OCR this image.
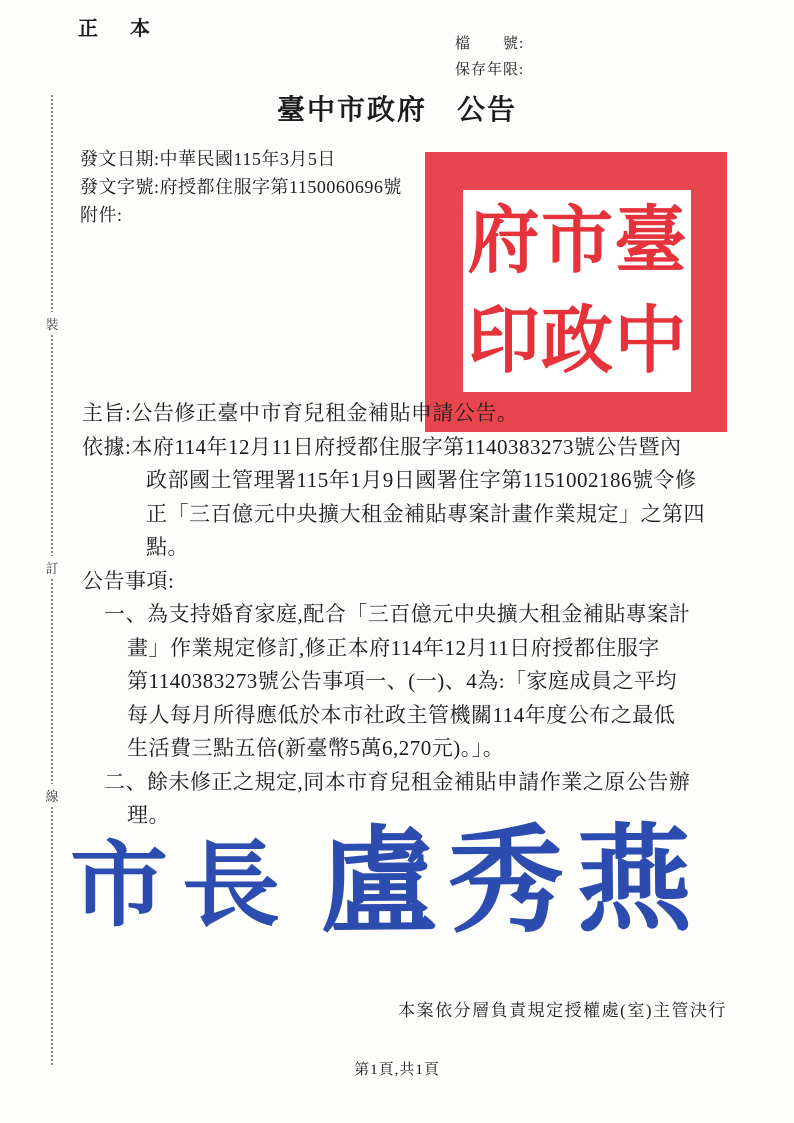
正　本
檔　　號:
保存年限:
臺中市政府　公告
發文日期:中華民國115年3月5日
發文字號:府授都住服字第1150060696號
附件:	臺
中
市
政
府
印
裝
訂
線
主旨:公告修正臺中市育兒租金補貼申請公告。
依據:本府114年12月11日府授都住服字第1140383273號公告暨內
政部國土管理署115年1月9日國署住字第1151002186號令修
正「三百億元中央擴大租金補貼專案計畫作業規定」之第四
點。
公告事項:
一、為支持婚育家庭,配合「三百億元中央擴大租金補貼專案計
畫」作業規定修訂,修正本府114年12月11日府授都住服字
第1140383273號公告事項一、(一)、4為:「家庭成員之平均
每人每月所得應低於本市社政主管機關114年度公布之最低
生活費三點五倍(新臺幣5萬6,270元)。」。
二、餘未修正之規定,同本市育兒租金補貼申請作業之原公告辦
理。
市長 盧秀燕
本案依分層負責規定授權處(室)主管決行
第1頁,共1頁
